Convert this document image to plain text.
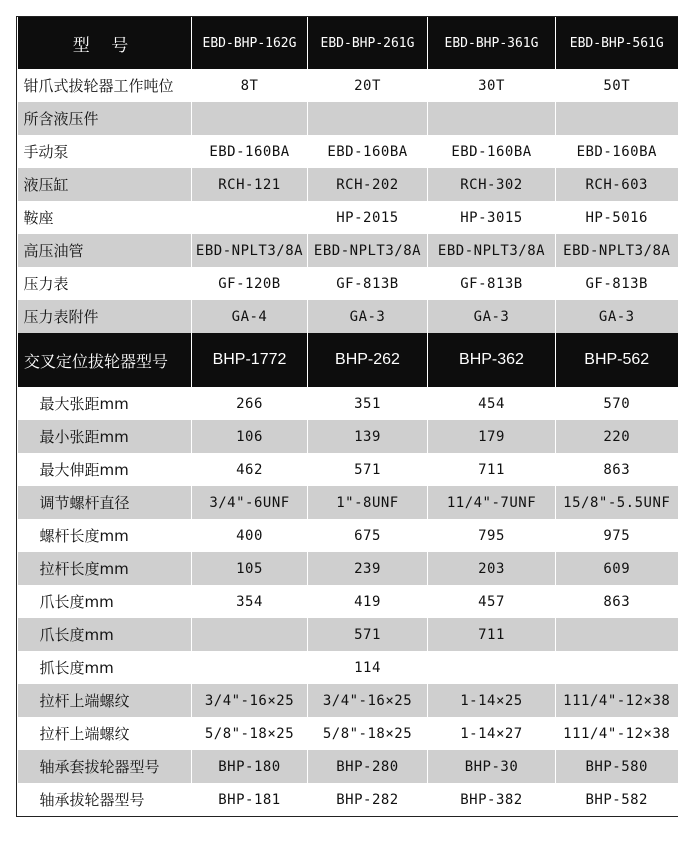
型 号	EBD-BHP-162G	EBD-BHP-261G	EBD-BHP-361G	EBD-BHP-561G
钳爪式拔轮器工作吨位	8T	20T	30T	50T
所含液压件				
手动泵	EBD-160BA	EBD-160BA	EBD-160BA	EBD-160BA
液压缸	RCH-121	RCH-202	RCH-302	RCH-603
鞍座		HP-2015	HP-3015	HP-5016
高压油管	EBD-NPLT3/8A	EBD-NPLT3/8A	EBD-NPLT3/8A	EBD-NPLT3/8A
压力表	GF-120B	GF-813B	GF-813B	GF-813B
压力表附件	GA-4	GA-3	GA-3	GA-3
交叉定位拔轮器型号	BHP-1772	BHP-262	BHP-362	BHP-562
最大张距mm	266	351	454	570
最小张距mm	106	139	179	220
最大伸距mm	462	571	711	863
调节螺杆直径	3/4"-6UNF	1"-8UNF	11/4"-7UNF	15/8"-5.5UNF
螺杆长度mm	400	675	795	975
拉杆长度mm	105	239	203	609
爪长度mm	354	419	457	863
爪长度mm		571	711	
抓长度mm		114		
拉杆上端螺纹	3/4"-16×25	3/4"-16×25	1-14×25	111/4"-12×38
拉杆上端螺纹	5/8"-18×25	5/8"-18×25	1-14×27	111/4"-12×38
轴承套拔轮器型号	BHP-180	BHP-280	BHP-30	BHP-580
轴承拔轮器型号	BHP-181	BHP-282	BHP-382	BHP-582
